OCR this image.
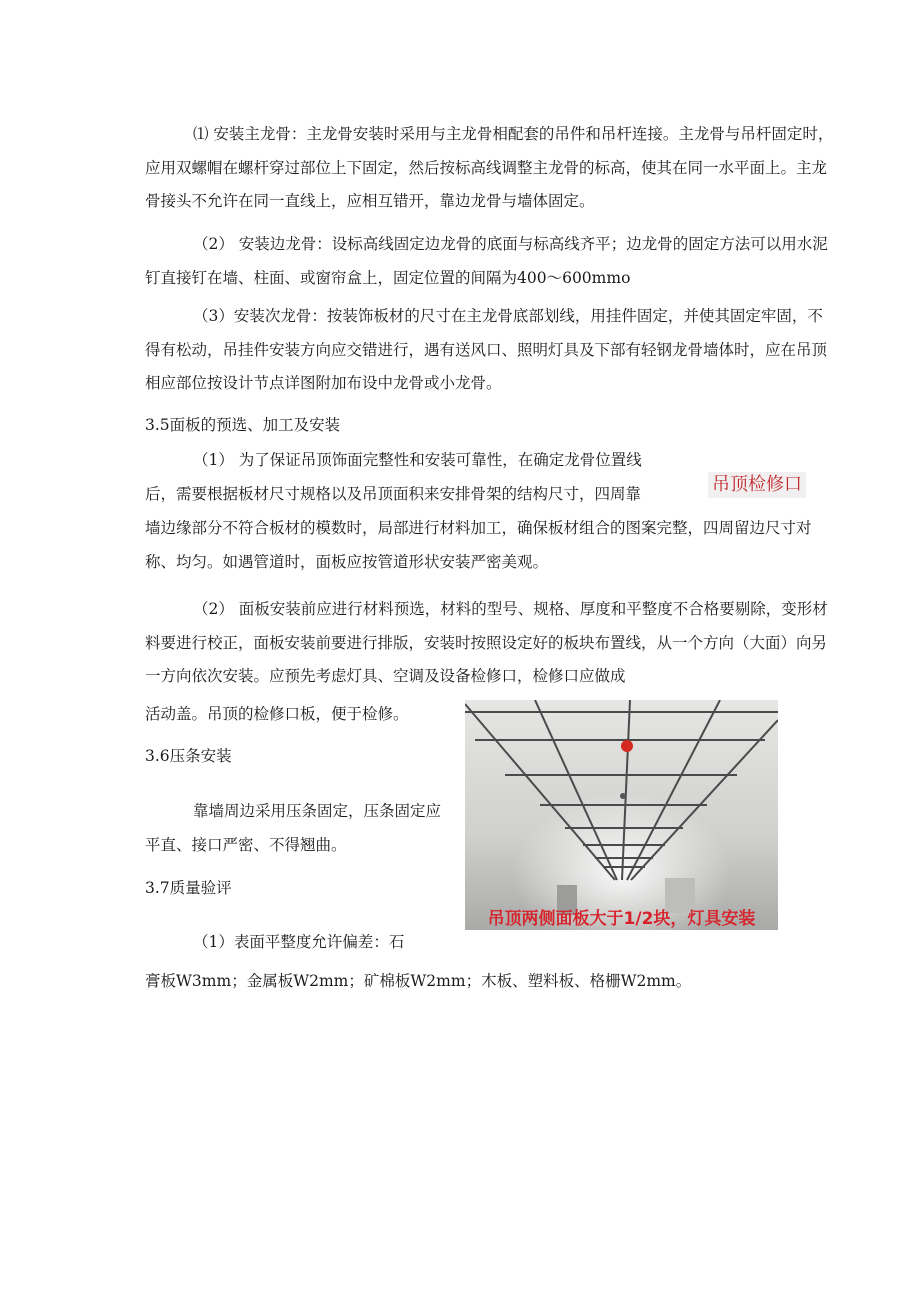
⑴ 安装主龙骨：主龙骨安装时采用与主龙骨相配套的吊件和吊杆连接。主龙骨与吊杆固定时，应用双螺帽在螺杆穿过部位上下固定，然后按标高线调整主龙骨的标高，使其在同一水平面上。主龙骨接头不允许在同一直线上，应相互错开，靠边龙骨与墙体固定。

（2） 安装边龙骨：设标高线固定边龙骨的底面与标高线齐平；边龙骨的固定方法可以用水泥钉直接钉在墙、柱面、或窗帘盒上，固定位置的间隔为400～600mmo

（3）安装次龙骨：按装饰板材的尺寸在主龙骨底部划线，用挂件固定，并使其固定牢固，不得有松动，吊挂件安装方向应交错进行，遇有送风口、照明灯具及下部有轻钢龙骨墙体时，应在吊顶相应部位按设计节点详图附加布设中龙骨或小龙骨。

3.5面板的预选、加工及安装

（1） 为了保证吊顶饰面完整性和安装可靠性，在确定龙骨位置线

后，需要根据板材尺寸规格以及吊顶面积来安排骨架的结构尺寸，四周靠	吊顶检修口

墙边缘部分不符合板材的模数时，局部进行材料加工，确保板材组合的图案完整，四周留边尺寸对称、均匀。如遇管道时，面板应按管道形状安装严密美观。

（2） 面板安装前应进行材料预选，材料的型号、规格、厚度和平整度不合格要剔除，变形材料要进行校正，面板安装前要进行排版，安装时按照设定好的板块布置线，从一个方向（大面）向另一方向依次安装。应预先考虑灯具、空调及设备检修口，检修口应做成

活动盖。吊顶的检修口板，便于检修。

3.6压条安装

靠墙周边采用压条固定，压条固定应

平直、接口严密、不得翘曲。

3.7质量验评

（1）表面平整度允许偏差：石

膏板W3mm；金属板W2mm；矿棉板W2mm；木板、塑料板、格栅W2mm。

吊顶两侧面板大于1/2块，灯具安装
